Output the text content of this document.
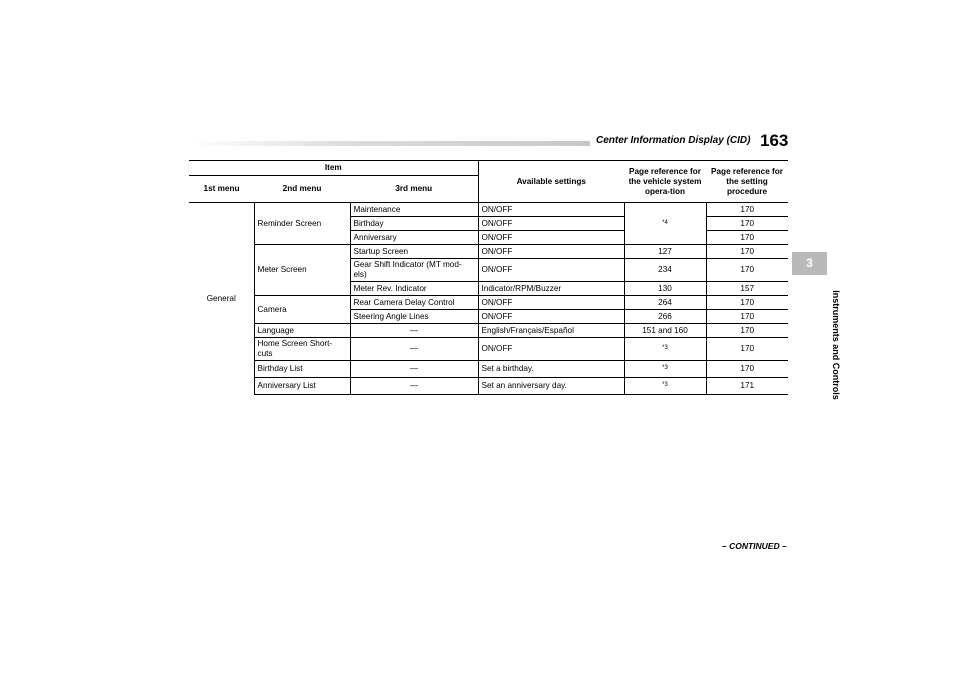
Center Information Display (CID) 163
3
Instruments and Controls
Item			Available settings	Page reference for the vehicle system opera-tion	Page reference for the setting procedure
1st menu	2nd menu	3rd menu			
General	Reminder Screen	Maintenance	ON/OFF	$^{*4}$	170
		Birthday	ON/OFF		170
		Anniversary	ON/OFF		170
	Meter Screen	Startup Screen	ON/OFF	127	170
		Gear Shift Indicator (MT mod-els)	ON/OFF	234	170
		Meter Rev. Indicator	Indicator/RPM/Buzzer	130	157
	Camera	Rear Camera Delay Control	ON/OFF	264	170
		Steering Angle Lines	ON/OFF	266	170
	Language	—	English/Français/Español	151 and 160	170
	Home Screen Short-cuts	—	ON/OFF	$^{*3}$	170
	Birthday List	—	Set a birthday.	$^{*3}$	170
	Anniversary List	—	Set an anniversary day.	$^{*3}$	171
– CONTINUED –
